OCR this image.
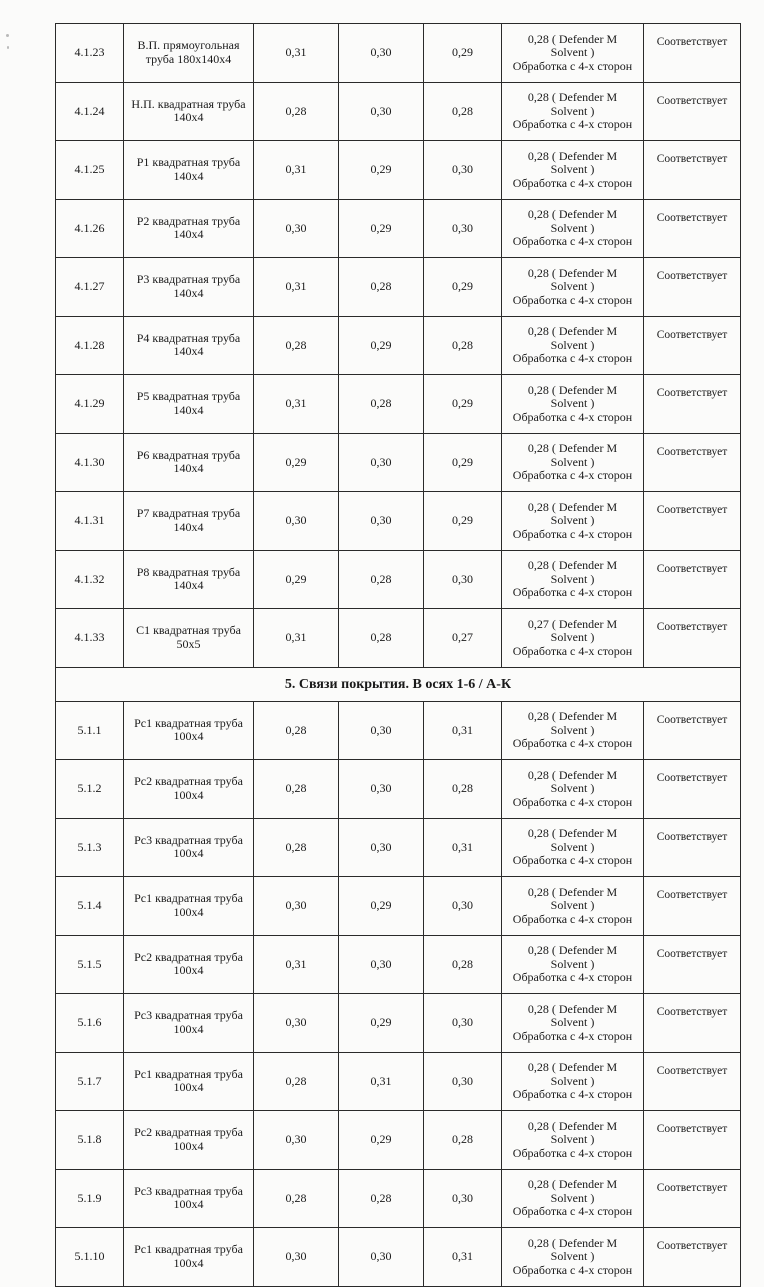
4.1.23	В.П. прямоугольная
труба 180х140х4	0,31	0,30	0,29	0,28 ( Defender M
Solvent )
Обработка с 4-х сторон	Соответствует
4.1.24	Н.П. квадратная труба
140х4	0,28	0,30	0,28	0,28 ( Defender M
Solvent )
Обработка с 4-х сторон	Соответствует
4.1.25	Р1 квадратная труба
140х4	0,31	0,29	0,30	0,28 ( Defender M
Solvent )
Обработка с 4-х сторон	Соответствует
4.1.26	Р2 квадратная труба
140х4	0,30	0,29	0,30	0,28 ( Defender M
Solvent )
Обработка с 4-х сторон	Соответствует
4.1.27	Р3 квадратная труба
140х4	0,31	0,28	0,29	0,28 ( Defender M
Solvent )
Обработка с 4-х сторон	Соответствует
4.1.28	Р4 квадратная труба
140х4	0,28	0,29	0,28	0,28 ( Defender M
Solvent )
Обработка с 4-х сторон	Соответствует
4.1.29	Р5 квадратная труба
140х4	0,31	0,28	0,29	0,28 ( Defender M
Solvent )
Обработка с 4-х сторон	Соответствует
4.1.30	Р6 квадратная труба
140х4	0,29	0,30	0,29	0,28 ( Defender M
Solvent )
Обработка с 4-х сторон	Соответствует
4.1.31	Р7 квадратная труба
140х4	0,30	0,30	0,29	0,28 ( Defender M
Solvent )
Обработка с 4-х сторон	Соответствует
4.1.32	Р8 квадратная труба
140х4	0,29	0,28	0,30	0,28 ( Defender M
Solvent )
Обработка с 4-х сторон	Соответствует
4.1.33	С1 квадратная труба
50х5	0,31	0,28	0,27	0,27 ( Defender M
Solvent )
Обработка с 4-х сторон	Соответствует
5. Связи покрытия. В осях 1-6 / А-К						
5.1.1	Рс1 квадратная труба
100х4	0,28	0,30	0,31	0,28 ( Defender M
Solvent )
Обработка с 4-х сторон	Соответствует
5.1.2	Рс2 квадратная труба
100х4	0,28	0,30	0,28	0,28 ( Defender M
Solvent )
Обработка с 4-х сторон	Соответствует
5.1.3	Рс3 квадратная труба
100х4	0,28	0,30	0,31	0,28 ( Defender M
Solvent )
Обработка с 4-х сторон	Соответствует
5.1.4	Рс1 квадратная труба
100х4	0,30	0,29	0,30	0,28 ( Defender M
Solvent )
Обработка с 4-х сторон	Соответствует
5.1.5	Рс2 квадратная труба
100х4	0,31	0,30	0,28	0,28 ( Defender M
Solvent )
Обработка с 4-х сторон	Соответствует
5.1.6	Рс3 квадратная труба
100х4	0,30	0,29	0,30	0,28 ( Defender M
Solvent )
Обработка с 4-х сторон	Соответствует
5.1.7	Рс1 квадратная труба
100х4	0,28	0,31	0,30	0,28 ( Defender M
Solvent )
Обработка с 4-х сторон	Соответствует
5.1.8	Рс2 квадратная труба
100х4	0,30	0,29	0,28	0,28 ( Defender M
Solvent )
Обработка с 4-х сторон	Соответствует
5.1.9	Рс3 квадратная труба
100х4	0,28	0,28	0,30	0,28 ( Defender M
Solvent )
Обработка с 4-х сторон	Соответствует
5.1.10	Рс1 квадратная труба
100х4	0,30	0,30	0,31	0,28 ( Defender M
Solvent )
Обработка с 4-х сторон	Соответствует
